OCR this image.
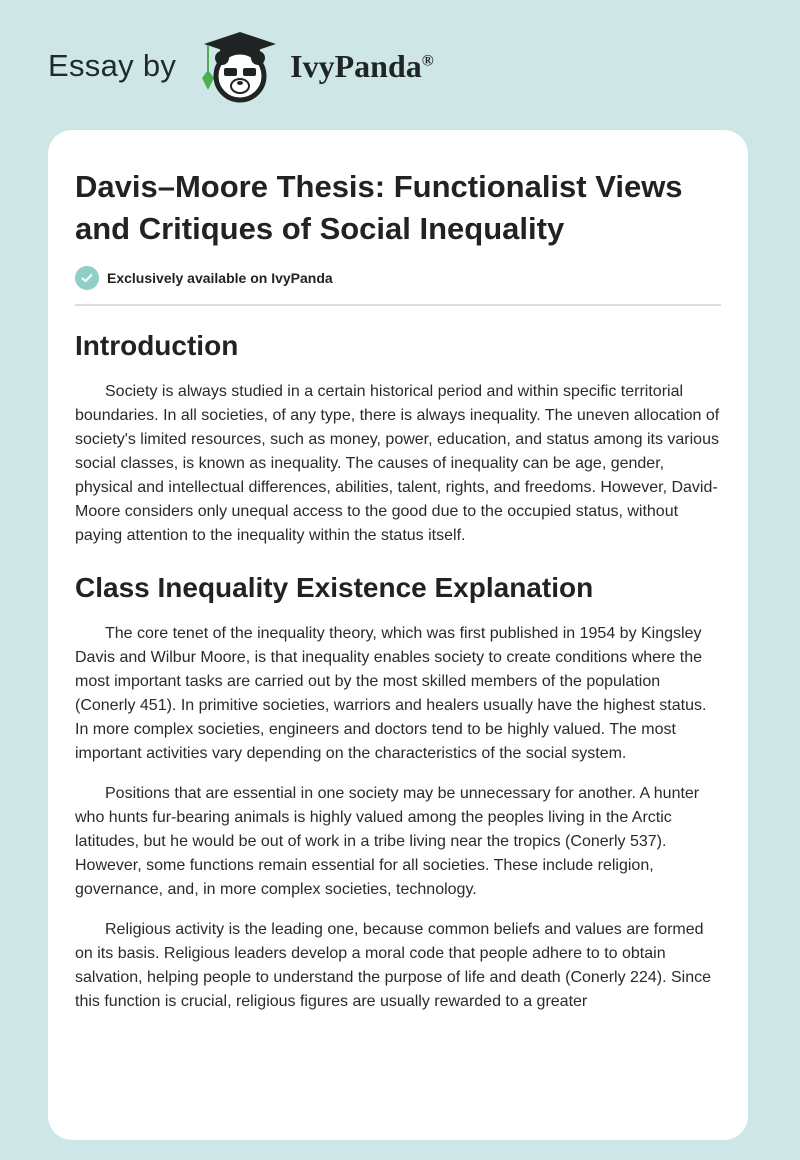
Essay by	IvyPanda®
Davis–Moore Thesis: Functionalist Views and Critiques of Social Inequality
Exclusively available on IvyPanda
Introduction

Society is always studied in a certain historical period and within specific territorial boundaries. In all societies, of any type, there is always inequality. The uneven allocation of society's limited resources, such as money, power, education, and status among its various social classes, is known as inequality. The causes of inequality can be age, gender, physical and intellectual differences, abilities, talent, rights, and freedoms. However, David-Moore considers only unequal access to the good due to the occupied status, without paying attention to the inequality within the status itself.

Class Inequality Existence Explanation

The core tenet of the inequality theory, which was first published in 1954 by Kingsley Davis and Wilbur Moore, is that inequality enables society to create conditions where the most important tasks are carried out by the most skilled members of the population (Conerly 451). In primitive societies, warriors and healers usually have the highest status. In more complex societies, engineers and doctors tend to be highly valued. The most important activities vary depending on the characteristics of the social system.

Positions that are essential in one society may be unnecessary for another. A hunter who hunts fur-bearing animals is highly valued among the peoples living in the Arctic latitudes, but he would be out of work in a tribe living near the tropics (Conerly 537). However, some functions remain essential for all societies. These include religion, governance, and, in more complex societies, technology.

Religious activity is the leading one, because common beliefs and values are formed on its basis. Religious leaders develop a moral code that people adhere to to obtain salvation, helping people to understand the purpose of life and death (Conerly 224). Since this function is crucial, religious figures are usually rewarded to a greater
